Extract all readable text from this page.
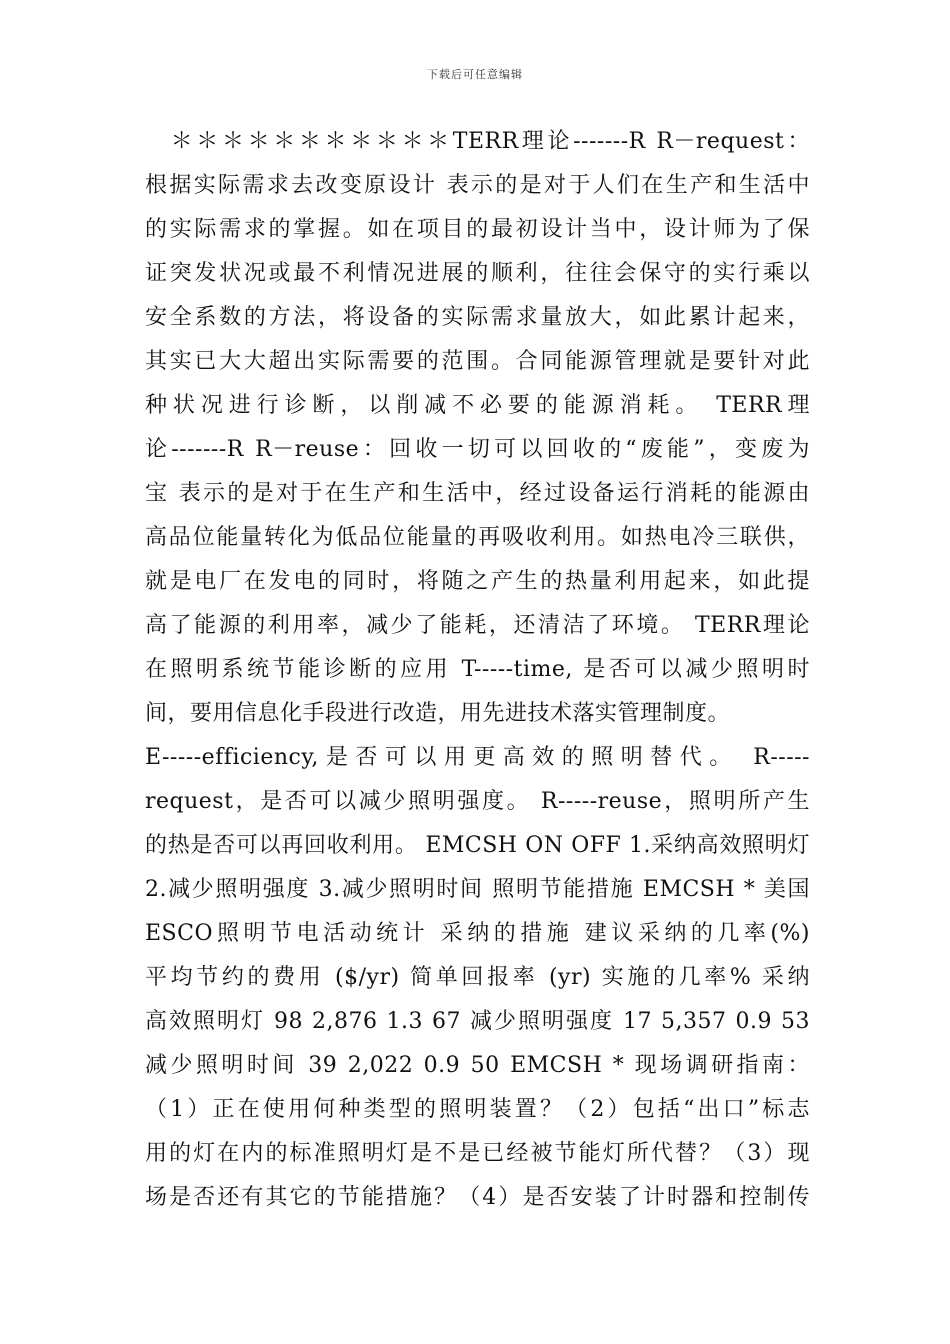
下载后可任意编辑
　＊＊＊＊＊＊＊＊＊＊＊TERR理论-------R R－request：
根据实际需求去改变原设计 表示的是对于人们在生产和生活中
的实际需求的掌握。如在项目的最初设计当中，设计师为了保
证突发状况或最不利情况进展的顺利，往往会保守的实行乘以
安全系数的方法，将设备的实际需求量放大，如此累计起来，
其实已大大超出实际需要的范围。合同能源管理就是要针对此
种状况进行诊断，以削减不必要的能源消耗。 TERR理
论-------R R－reuse：回收一切可以回收的“废能”，变废为
宝 表示的是对于在生产和生活中，经过设备运行消耗的能源由
高品位能量转化为低品位能量的再吸收利用。如热电冷三联供，
就是电厂在发电的同时，将随之产生的热量利用起来，如此提
高了能源的利用率，减少了能耗，还清洁了环境。 TERR理论
在照明系统节能诊断的应用 T-----time, 是否可以减少照明时
间，要用信息化手段进行改造，用先进技术落实管理制度。
E-----efficiency,是否可以用更高效的照明替代。 R-----
request，是否可以减少照明强度。 R-----reuse，照明所产生
的热是否可以再回收利用。 EMCSH ON OFF 1.采纳高效照明灯
2.减少照明强度 3.减少照明时间 照明节能措施 EMCSH * 美国
ESCO照明节电活动统计 采纳的措施 建议采纳的几率(%)
平均节约的费用 ($/yr) 简单回报率 (yr) 实施的几率% 采纳
高效照明灯 98 2,876 1.3 67 减少照明强度 17 5,357 0.9 53
减少照明时间 39 2,022 0.9 50 EMCSH * 现场调研指南：
（1）正在使用何种类型的照明装置？（2）包括“出口”标志
用的灯在内的标准照明灯是不是已经被节能灯所代替？（3）现
场是否还有其它的节能措施？（4）是否安装了计时器和控制传
